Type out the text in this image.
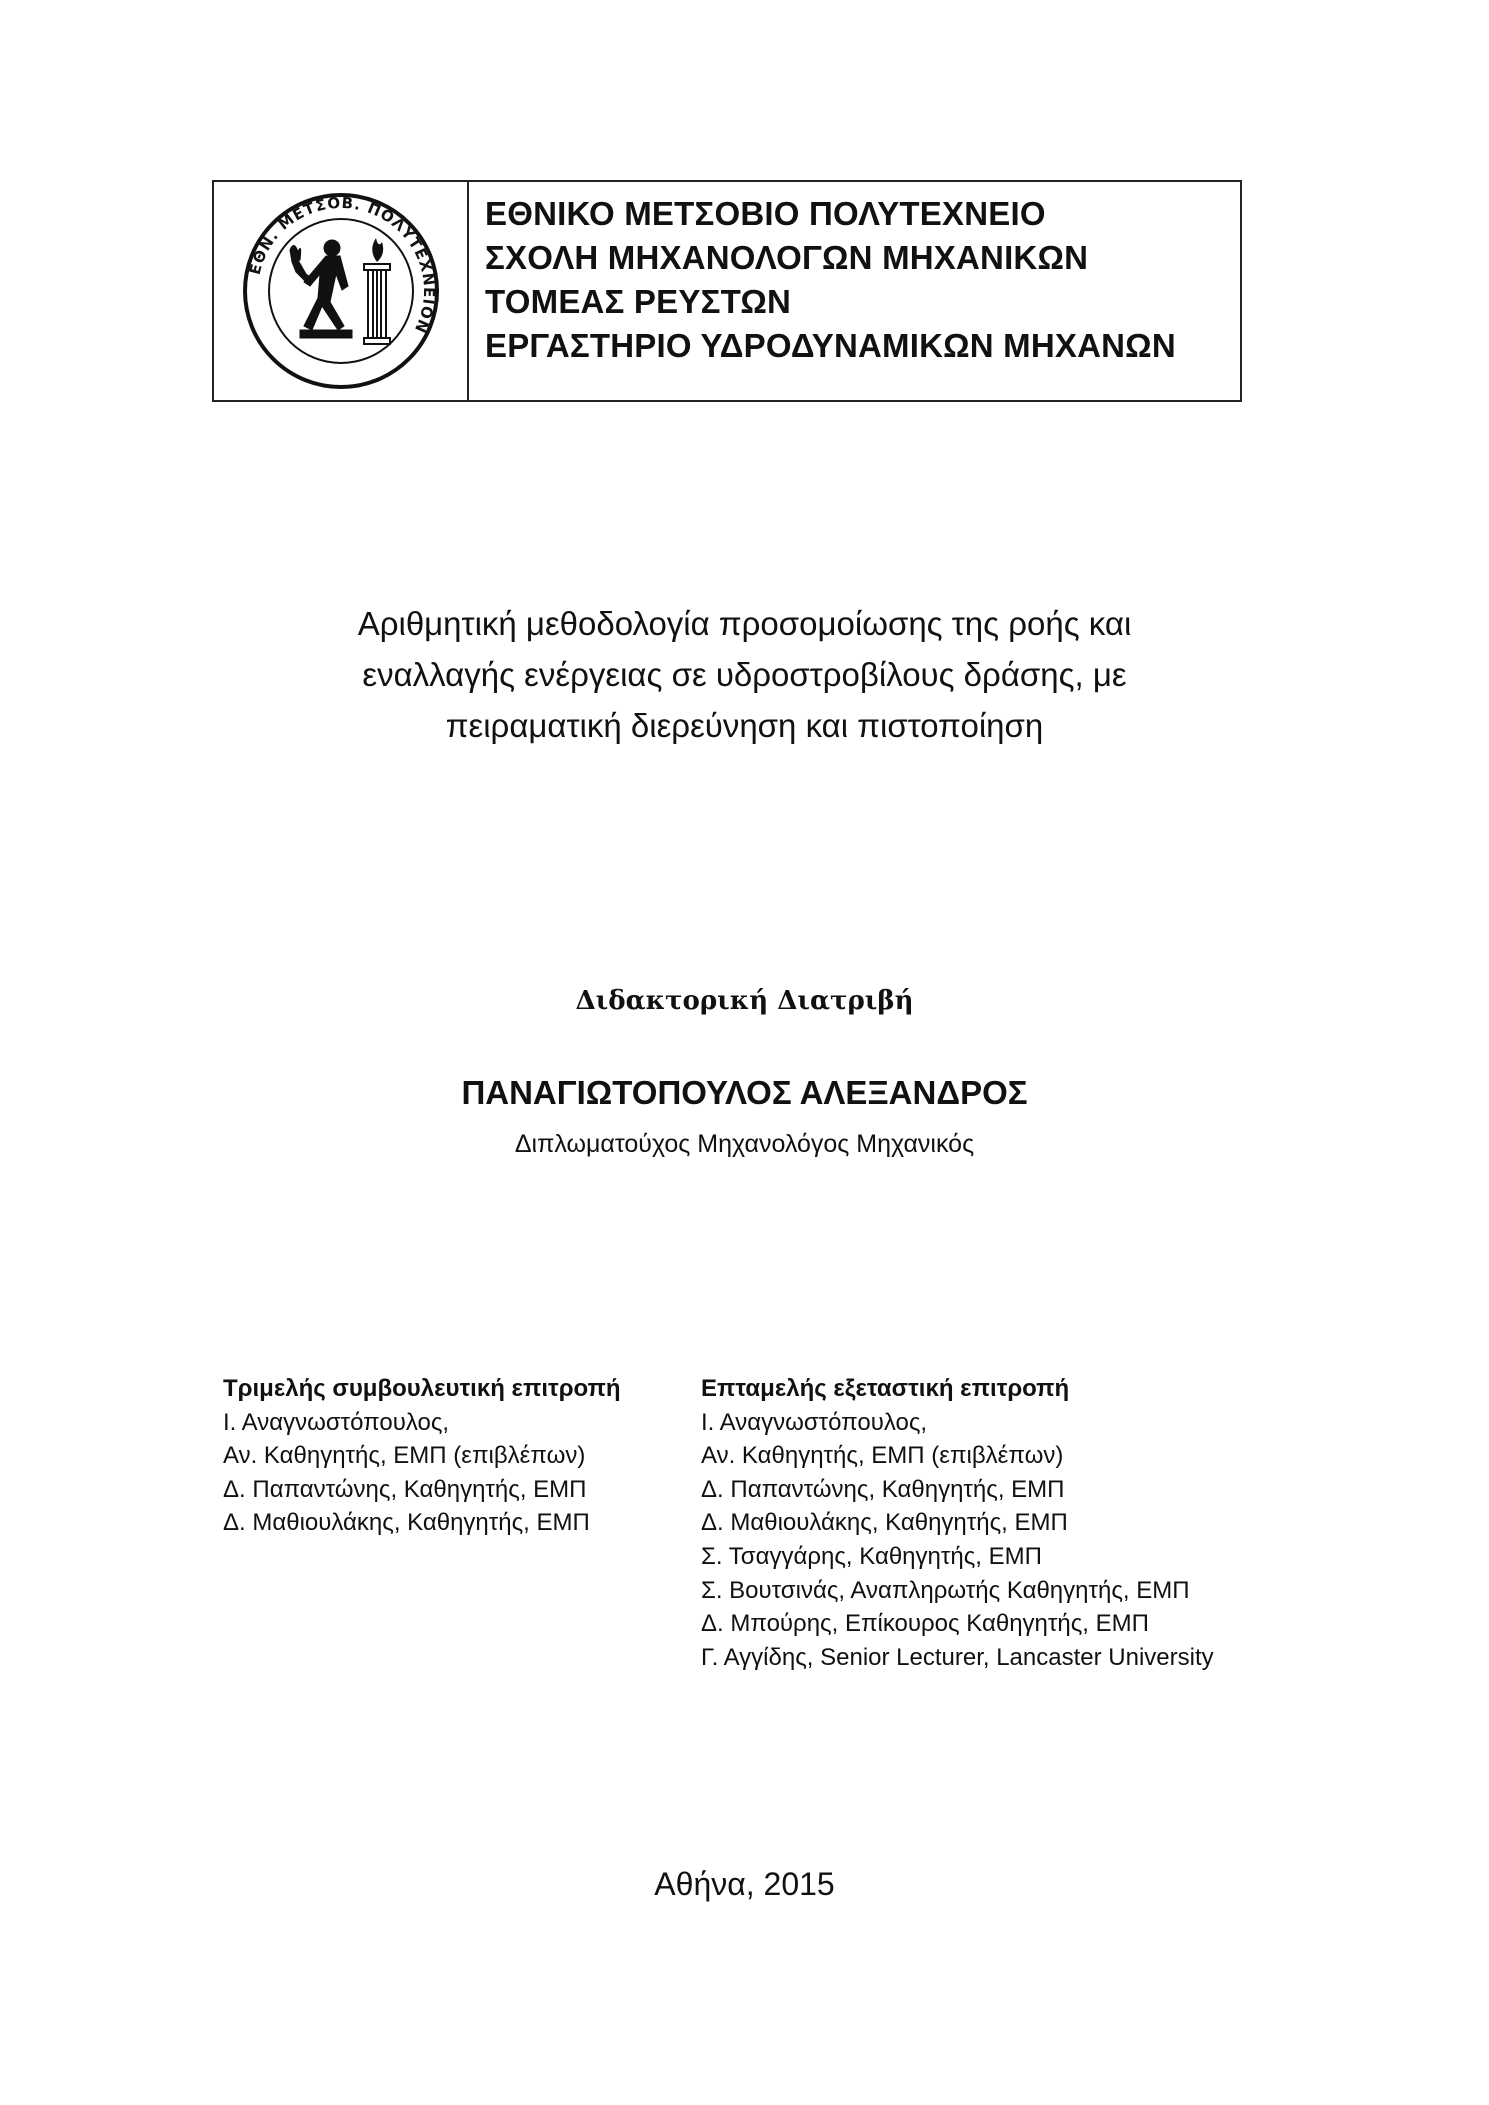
ΕΘΝ. ΜΕΤΣΟΒ. ΠΟΛΥΤΕΧΝΕΙΟΝ
ΕΘΝΙΚΟ ΜΕΤΣΟΒΙΟ ΠΟΛΥΤΕΧΝΕΙΟ
ΣΧΟΛΗ ΜΗΧΑΝΟΛΟΓΩΝ ΜΗΧΑΝΙΚΩΝ
ΤΟΜΕΑΣ ΡΕΥΣΤΩΝ
ΕΡΓΑΣΤΗΡΙΟ ΥΔΡΟΔΥΝΑΜΙΚΩΝ ΜΗΧΑΝΩΝ
Αριθμητική μεθοδολογία προσομοίωσης της ροής και
εναλλαγής ενέργειας σε υδροστροβίλους δράσης, με
πειραματική διερεύνηση και πιστοποίηση
Διδακτορική Διατριβή
ΠΑΝΑΓΙΩΤΟΠΟΥΛΟΣ ΑΛΕΞΑΝΔΡΟΣ
Διπλωματούχος Μηχανολόγος Μηχανικός
Τριμελής συμβουλευτική επιτροπή
Ι. Αναγνωστόπουλος,
Αν. Καθηγητής, ΕΜΠ (επιβλέπων)
Δ. Παπαντώνης, Καθηγητής, ΕΜΠ
Δ. Μαθιουλάκης, Καθηγητής, ΕΜΠ
Επταμελής εξεταστική επιτροπή
Ι. Αναγνωστόπουλος,
Αν. Καθηγητής, ΕΜΠ (επιβλέπων)
Δ. Παπαντώνης, Καθηγητής, ΕΜΠ
Δ. Μαθιουλάκης, Καθηγητής, ΕΜΠ
Σ. Τσαγγάρης, Καθηγητής, ΕΜΠ
Σ. Βουτσινάς, Αναπληρωτής Καθηγητής, ΕΜΠ
Δ. Μπούρης, Επίκουρος Καθηγητής, ΕΜΠ
Γ. Αγγίδης, Senior Lecturer, Lancaster University
Αθήνα, 2015
